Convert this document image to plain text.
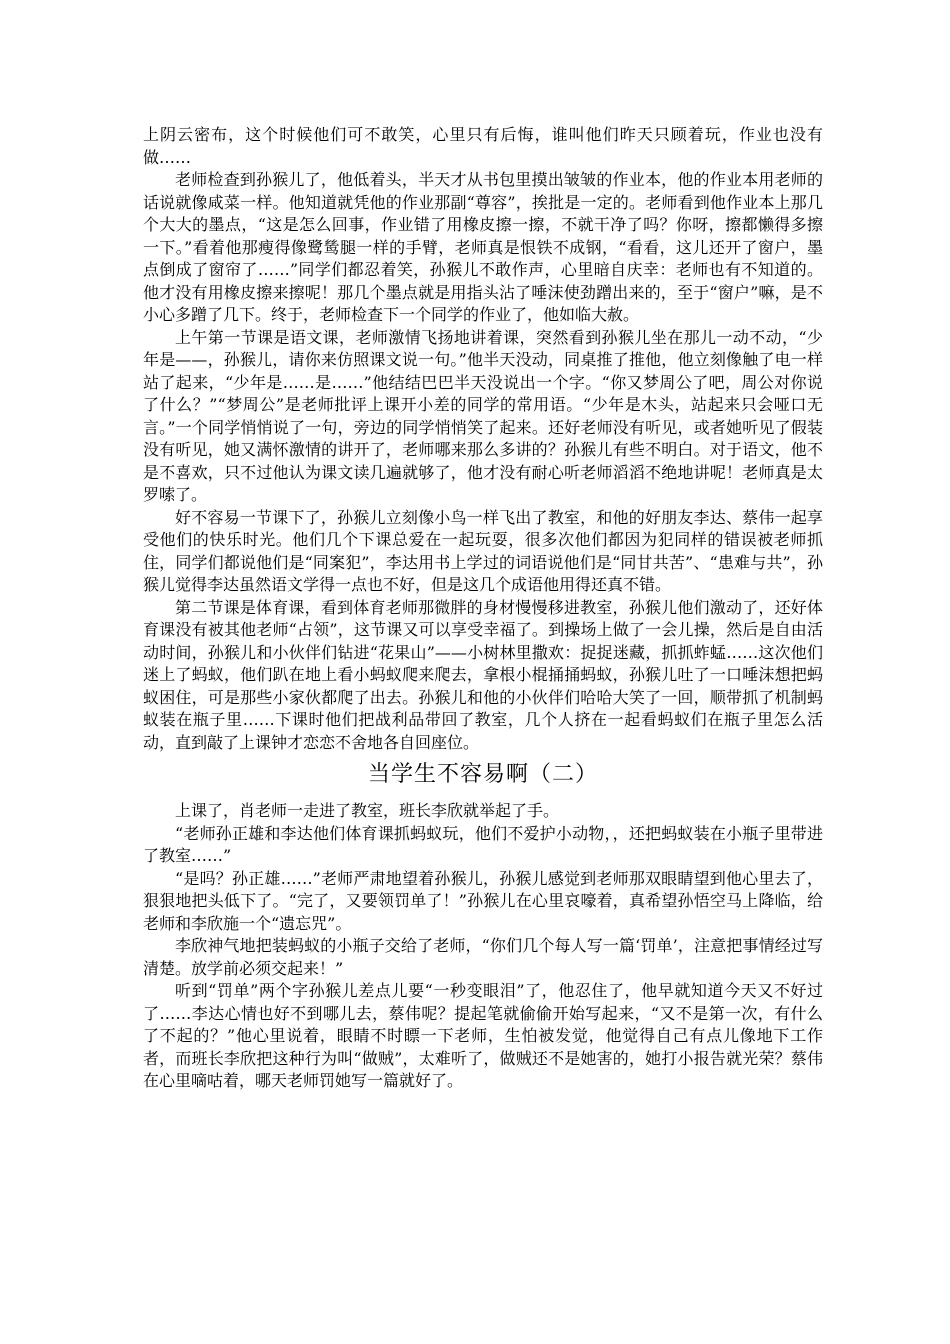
上阴云密布，这个时候他们可不敢笑，心里只有后悔，谁叫他们昨天只顾着玩，作业也没有做……

老师检查到孙猴儿了，他低着头，半天才从书包里摸出皱皱的作业本，他的作业本用老师的话说就像咸菜一样。他知道就凭他的作业那副“尊容”，挨批是一定的。老师看到他作业本上那几个大大的墨点，“这是怎么回事，作业错了用橡皮擦一擦，不就干净了吗？你呀，擦都懒得多擦一下。”看着他那瘦得像鹭鸶腿一样的手臂，老师真是恨铁不成钢，“看看，这儿还开了窗户，墨点倒成了窗帘了……”同学们都忍着笑，孙猴儿不敢作声，心里暗自庆幸：老师也有不知道的。他才没有用橡皮擦来擦呢！那几个墨点就是用指头沾了唾沫使劲蹭出来的，至于“窗户”嘛，是不小心多蹭了几下。终于，老师检查下一个同学的作业了，他如临大赦。

上午第一节课是语文课，老师激情飞扬地讲着课，突然看到孙猴儿坐在那儿一动不动，“少年是——，孙猴儿，请你来仿照课文说一句。”他半天没动，同桌推了推他，他立刻像触了电一样站了起来，“少年是……是……”他结结巴巴半天没说出一个字。“你又梦周公了吧，周公对你说了什么？”“梦周公”是老师批评上课开小差的同学的常用语。“少年是木头，站起来只会哑口无言。”一个同学悄悄说了一句，旁边的同学悄悄笑了起来。还好老师没有听见，或者她听见了假装没有听见，她又满怀激情的讲开了，老师哪来那么多讲的？孙猴儿有些不明白。对于语文，他不是不喜欢，只不过他认为课文读几遍就够了，他才没有耐心听老师滔滔不绝地讲呢！老师真是太罗嗦了。

好不容易一节课下了，孙猴儿立刻像小鸟一样飞出了教室，和他的好朋友李达、蔡伟一起享受他们的快乐时光。他们几个下课总爱在一起玩耍，很多次他们都因为犯同样的错误被老师抓住，同学们都说他们是“同案犯”，李达用书上学过的词语说他们是“同甘共苦”、“患难与共”，孙猴儿觉得李达虽然语文学得一点也不好，但是这几个成语他用得还真不错。

第二节课是体育课，看到体育老师那微胖的身材慢慢移进教室，孙猴儿他们激动了，还好体育课没有被其他老师“占领”，这节课又可以享受幸福了。到操场上做了一会儿操，然后是自由活动时间，孙猴儿和小伙伴们钻进“花果山”——小树林里撒欢：捉捉迷藏，抓抓蚱蜢……这次他们迷上了蚂蚁，他们趴在地上看小蚂蚁爬来爬去，拿根小棍捅捅蚂蚁，孙猴儿吐了一口唾沫想把蚂蚁困住，可是那些小家伙都爬了出去。孙猴儿和他的小伙伴们哈哈大笑了一回，顺带抓了机制蚂蚁装在瓶子里……下课时他们把战利品带回了教室，几个人挤在一起看蚂蚁们在瓶子里怎么活动，直到敲了上课钟才恋恋不舍地各自回座位。

当学生不容易啊（二）

上课了，肖老师一走进了教室，班长李欣就举起了手。

“老师孙正雄和李达他们体育课抓蚂蚁玩，他们不爱护小动物，，还把蚂蚁装在小瓶子里带进了教室……”

“是吗？孙正雄……”老师严肃地望着孙猴儿，孙猴儿感觉到老师那双眼睛望到他心里去了，狠狠地把头低下了。“完了，又要领罚单了！”孙猴儿在心里哀嚎着，真希望孙悟空马上降临，给老师和李欣施一个“遗忘咒”。

李欣神气地把装蚂蚁的小瓶子交给了老师，“你们几个每人写一篇‘罚单’，注意把事情经过写清楚。放学前必须交起来！”

听到“罚单”两个字孙猴儿差点儿要“一秒变眼泪”了，他忍住了，他早就知道今天又不好过了……李达心情也好不到哪儿去，蔡伟呢？提起笔就偷偷开始写起来，“又不是第一次，有什么了不起的？”他心里说着，眼睛不时瞟一下老师，生怕被发觉，他觉得自己有点儿像地下工作者，而班长李欣把这种行为叫“做贼”，太难听了，做贼还不是她害的，她打小报告就光荣？蔡伟在心里嘀咕着，哪天老师罚她写一篇就好了。
